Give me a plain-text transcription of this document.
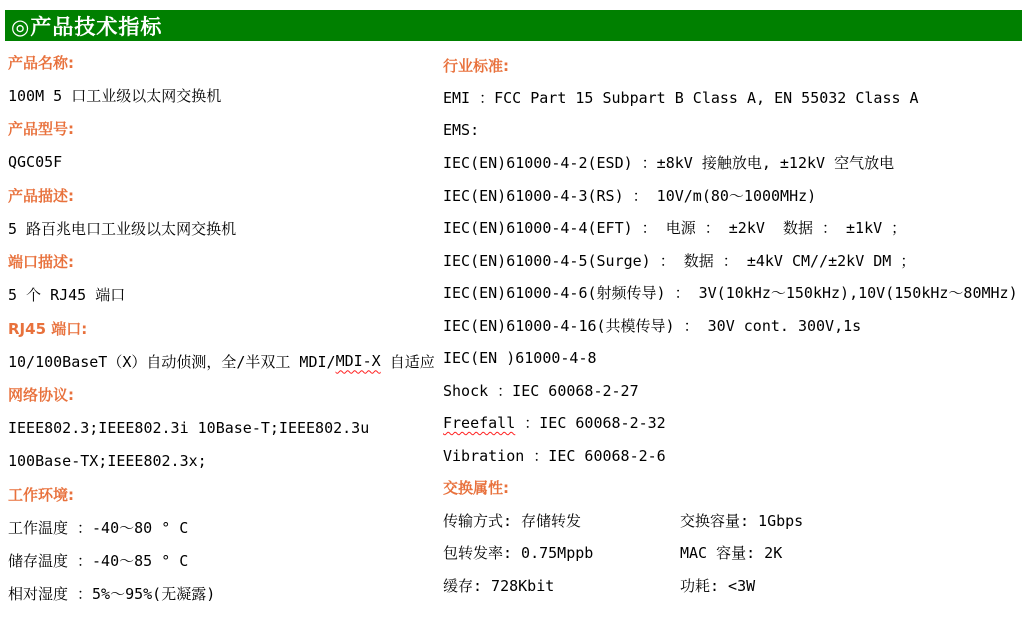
◎产品技术指标

产品名称:

100M 5 口工业级以太网交换机

产品型号:

QGC05F

产品描述:

5 路百兆电口工业级以太网交换机

端口描述:

5 个 RJ45 端口

RJ45 端口:

10/100BaseT（X）自动侦测，全/半双工 MDI/ MDI-X 自适应

网络协议:

IEEE802.3;IEEE802.3i 10Base-T;IEEE802.3u

100Base-TX;IEEE802.3x;

工作环境:

工作温度 ：-40～80 ° C

储存温度 ：-40～85 ° C

相对湿度 ：5%～95%(无凝露)

行业标准:

EMI ：FCC Part 15 Subpart B Class A, EN 55032 Class A

EMS:

IEC(EN)61000-4-2(ESD) ：±8kV 接触放电, ±12kV 空气放电

IEC(EN)61000-4-3(RS) ： 10V/m(80～1000MHz)

IEC(EN)61000-4-4(EFT) ： 电源 ： ±2kV  数据 ： ±1kV ；

IEC(EN)61000-4-5(Surge) ： 数据 ： ±4kV CM//±2kV DM ；

IEC(EN)61000-4-6(射频传导) ： 3V(10kHz～150kHz),10V(150kHz～80MHz)

IEC(EN)61000-4-16(共模传导) ： 30V cont. 300V,1s

IEC(EN )61000-4-8

Shock ：IEC 60068-2-27

Freefall ：IEC 60068-2-32

Vibration ：IEC 60068-2-6

交换属性:

传输方式: 存储转发	交换容量: 1Gbps

包转发率: 0.75Mppb	MAC 容量: 2K

缓存: 728Kbit	功耗: <3W
